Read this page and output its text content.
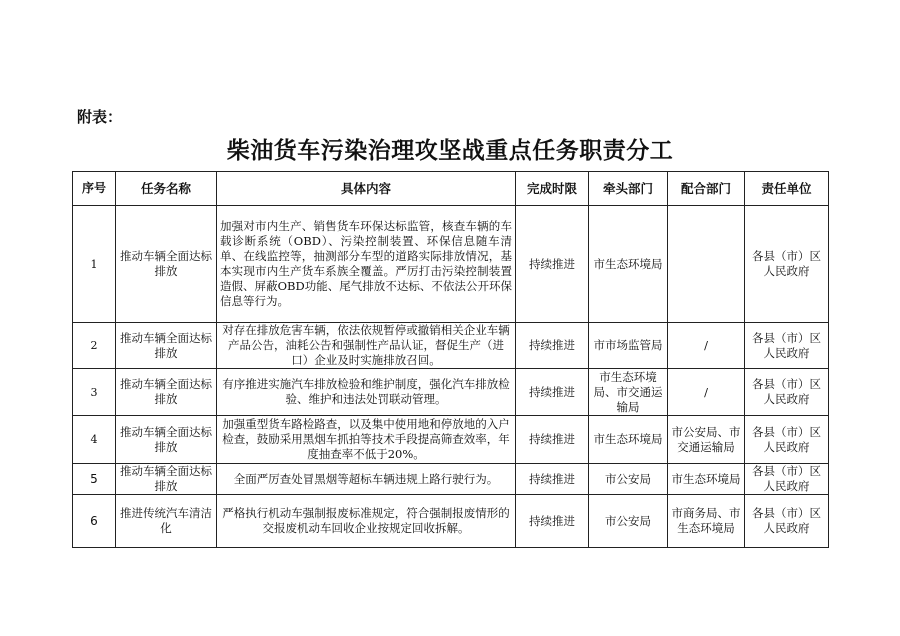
附表：
柴油货车污染治理攻坚战重点任务职责分工
序号	任务名称	具体内容	完成时限	牵头部门	配合部门	责任单位
1	推动车辆全面达标排放	加强对市内生产、销售货车环保达标监管，核查车辆的车载诊断系统（OBD）、污染控制装置、环保信息随车清单、在线监控等，抽测部分车型的道路实际排放情况，基本实现市内生产货车系族全覆盖。严厉打击污染控制装置造假、屏蔽OBD功能、尾气排放不达标、不依法公开环保信息等行为。	持续推进	市生态环境局		各县（市）区人民政府
2	推动车辆全面达标排放	对存在排放危害车辆，依法依规暂停或撤销相关企业车辆产品公告，油耗公告和强制性产品认证，督促生产（进口）企业及时实施排放召回。	持续推进	市市场监管局	/	各县（市）区人民政府
3	推动车辆全面达标排放	有序推进实施汽车排放检验和维护制度，强化汽车排放检验、维护和违法处罚联动管理。	持续推进	市生态环境局、市交通运输局	/	各县（市）区人民政府
4	推动车辆全面达标排放	加强重型货车路检路查，以及集中使用地和停放地的入户检查，鼓励采用黑烟车抓拍等技术手段提高筛查效率，年度抽查率不低于20%。	持续推进	市生态环境局	市公安局、市交通运输局	各县（市）区人民政府
5	推动车辆全面达标排放	全面严厉查处冒黑烟等超标车辆违规上路行驶行为。	持续推进	市公安局	市生态环境局	各县（市）区人民政府
6	推进传统汽车清洁化	严格执行机动车强制报废标准规定，符合强制报废情形的交报废机动车回收企业按规定回收拆解。	持续推进	市公安局	市商务局、市生态环境局	各县（市）区人民政府
